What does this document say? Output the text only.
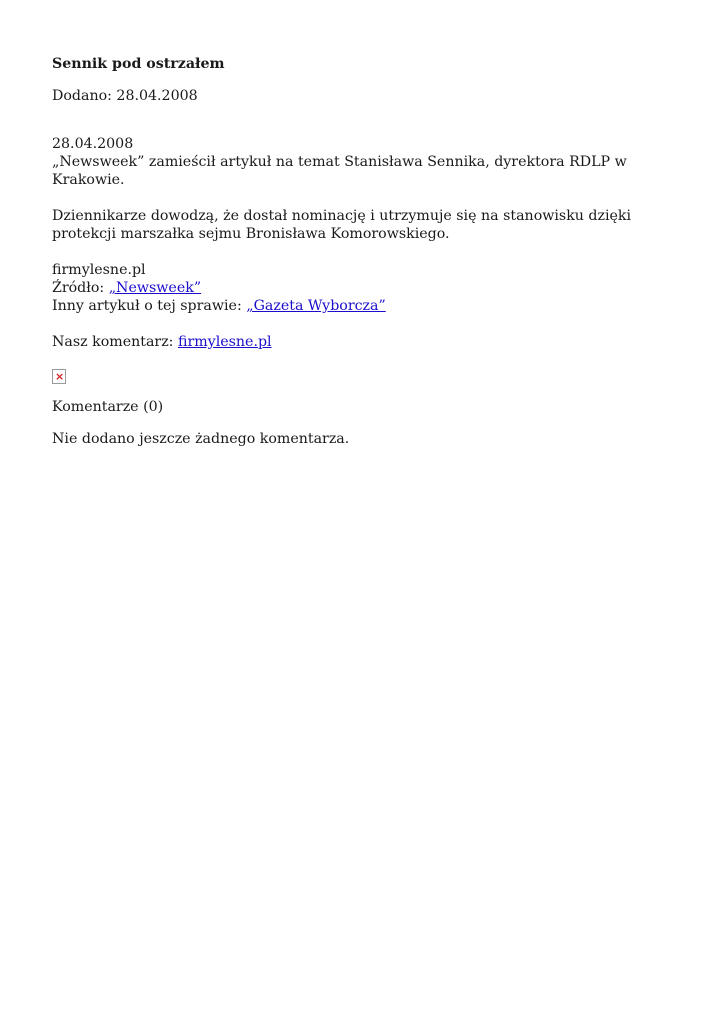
Sennik pod ostrzałem
Dodano: 28.04.2008
28.04.2008
„Newsweek” zamieścił artykuł na temat Stanisława Sennika, dyrektora RDLP w Krakowie.
Dziennikarze dowodzą, że dostał nominację i utrzymuje się na stanowisku dzięki protekcji marszałka sejmu Bronisława Komorowskiego.
firmylesne.pl
Źródło: „Newsweek”
Inny artykuł o tej sprawie: „Gazeta Wyborcza”
Nasz komentarz: firmylesne.pl
×
Komentarze (0)
Nie dodano jeszcze żadnego komentarza.
